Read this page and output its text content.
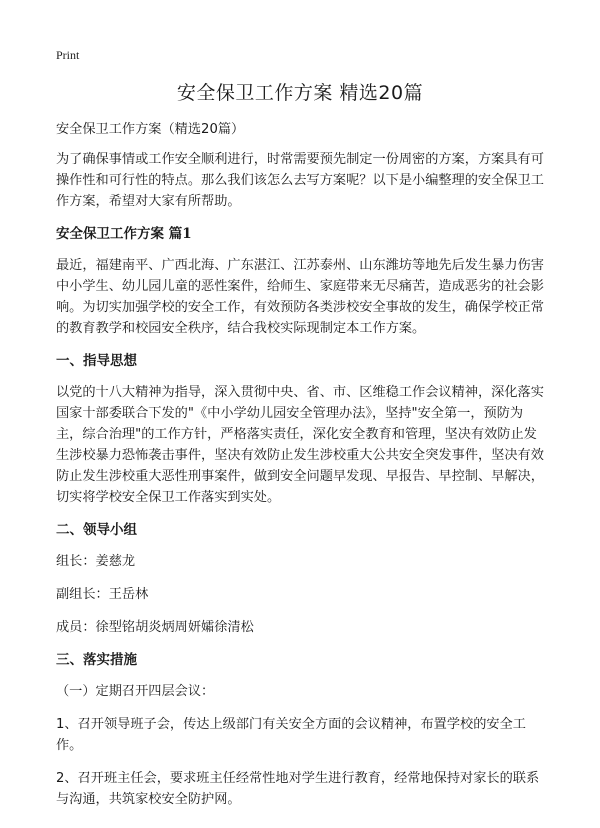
Print
安全保卫工作方案 精选20篇

安全保卫工作方案（精选20篇）

为了确保事情或工作安全顺利进行，时常需要预先制定一份周密的方案，方案具有可操作性和可行性的特点。那么我们该怎么去写方案呢？以下是小编整理的安全保卫工作方案，希望对大家有所帮助。

安全保卫工作方案 篇1

最近，福建南平、广西北海、广东湛江、江苏泰州、山东潍坊等地先后发生暴力伤害中小学生、幼儿园儿童的恶性案件，给师生、家庭带来无尽痛苦，造成恶劣的社会影响。为切实加强学校的安全工作，有效预防各类涉校安全事故的发生，确保学校正常的教育教学和校园安全秩序，结合我校实际现制定本工作方案。

一、指导思想

以党的十八大精神为指导，深入贯彻中央、省、市、区维稳工作会议精神，深化落实国家十部委联合下发的"《中小学幼儿园安全管理办法》，坚持"安全第一，预防为主，综合治理"的工作方针，严格落实责任，深化安全教育和管理，坚决有效防止发生涉校暴力恐怖袭击事件，坚决有效防止发生涉校重大公共安全突发事件，坚决有效防止发生涉校重大恶性刑事案件，做到安全问题早发现、早报告、早控制、早解决，切实将学校安全保卫工作落实到实处。

二、领导小组

组长：姜慈龙

副组长：王岳林

成员：徐型铭胡炎炳周妍孀徐清松

三、落实措施

（一）定期召开四层会议：

1、召开领导班子会，传达上级部门有关安全方面的会议精神，布置学校的安全工作。

2、召开班主任会，要求班主任经常性地对学生进行教育，经常地保持对家长的联系与沟通，共筑家校安全防护网。
